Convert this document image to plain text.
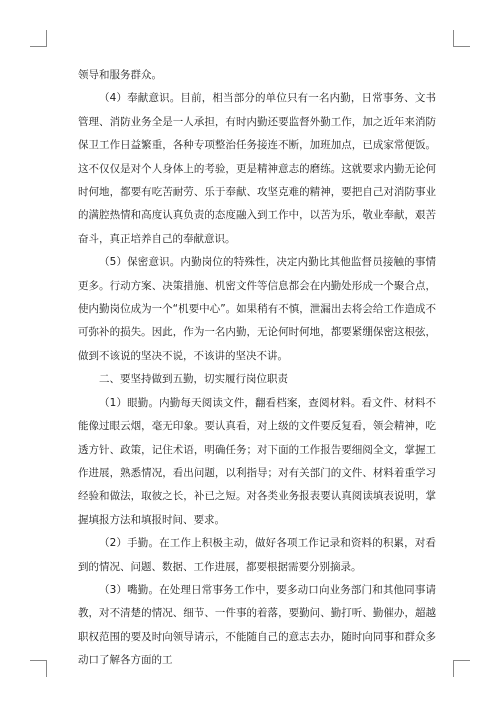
领导和服务群众。

（4）奉献意识。目前，相当部分的单位只有一名内勤，日常事务、文书管理、消防业务全是一人承担，有时内勤还要监督外勤工作，加之近年来消防保卫工作日益繁重，各种专项整治任务接连不断，加班加点，已成家常便饭。这不仅仅是对个人身体上的考验，更是精神意志的磨练。这就要求内勤无论何时何地，都要有吃苦耐劳、乐于奉献、攻坚克难的精神，要把自己对消防事业的满腔热情和高度认真负责的态度融入到工作中，以苦为乐，敬业奉献，艰苦奋斗，真正培养自己的奉献意识。

（5）保密意识。内勤岗位的特殊性，决定内勤比其他监督员接触的事情更多。行动方案、决策措施、机密文件等信息都会在内勤处形成一个聚合点，使内勤岗位成为一个“机要中心”。如果稍有不慎，泄漏出去将会给工作造成不可弥补的损失。因此，作为一名内勤，无论何时何地，都要紧绷保密这根弦，做到不该说的坚决不说，不该讲的坚决不讲。

二、要坚持做到五勤，切实履行岗位职责

（1）眼勤。内勤每天阅读文件，翻看档案，查阅材料。看文件、材料不能像过眼云烟，毫无印象。要认真看，对上级的文件要反复看，领会精神，吃透方针、政策，记住术语，明确任务；对下面的工作报告要细阅全文，掌握工作进展，熟悉情况，看出问题，以利指导；对有关部门的文件、材料着重学习经验和做法，取彼之长，补已之短。对各类业务报表要认真阅读填表说明，掌握填报方法和填报时间、要求。

（2）手勤。在工作上积极主动，做好各项工作记录和资料的积累，对看到的情况、问题、数据、工作进展，都要根据需要分别摘录。

（3）嘴勤。在处理日常事务工作中，要多动口向业务部门和其他同事请教，对不清楚的情况、细节、一件事的着落，要勤问、勤打听、勤催办，超越职权范围的要及时向领导请示，不能随自己的意志去办，随时向同事和群众多动口了解各方面的工
